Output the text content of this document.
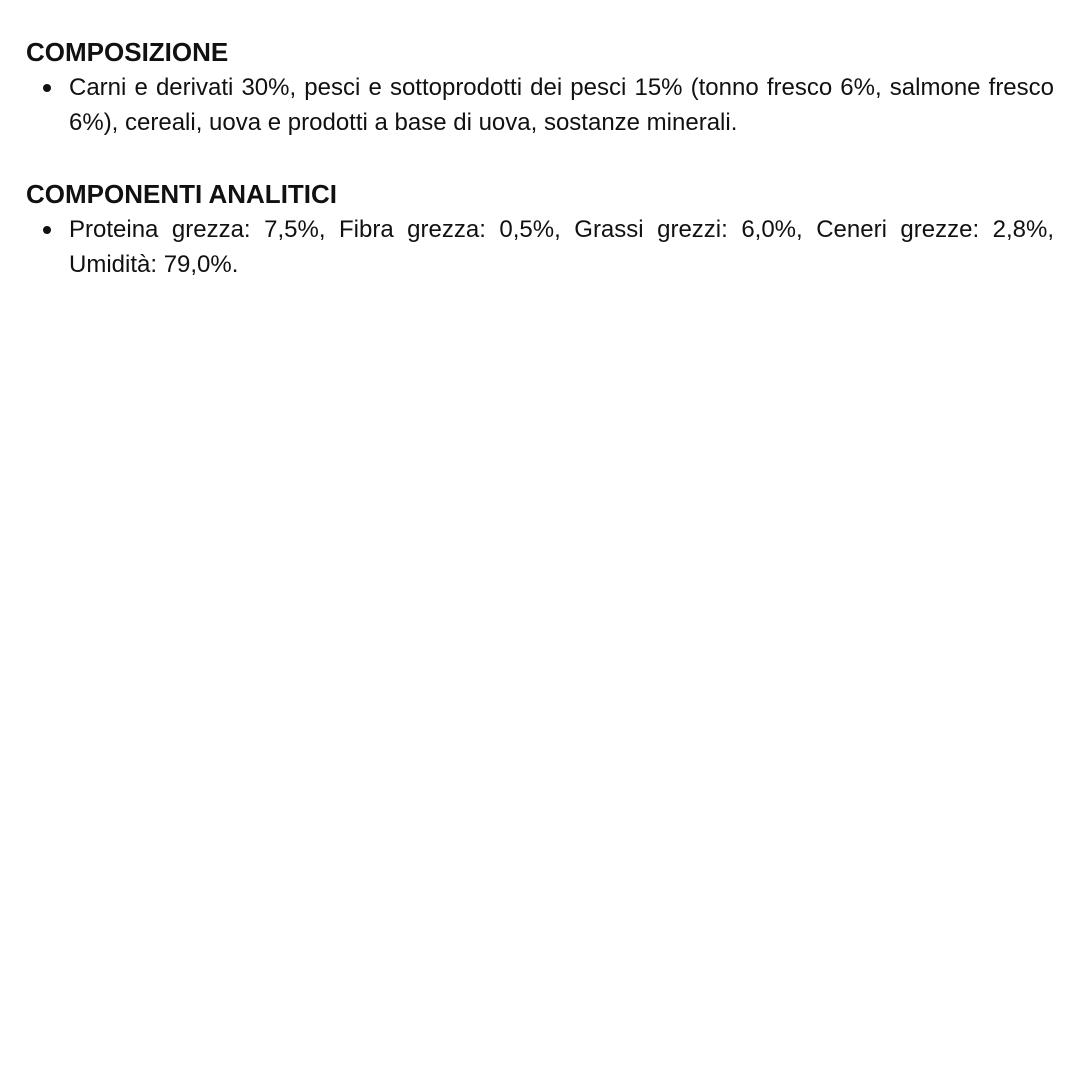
COMPOSIZIONE
Carni e derivati 30%, pesci e sottoprodotti dei pesci 15% (tonno fresco 6%, salmone fresco 6%), cereali, uova e prodotti a base di uova, sostanze minerali.
COMPONENTI ANALITICI
Proteina grezza: 7,5%, Fibra grezza: 0,5%, Grassi grezzi: 6,0%, Ceneri grezze: 2,8%, Umidità: 79,0%.
